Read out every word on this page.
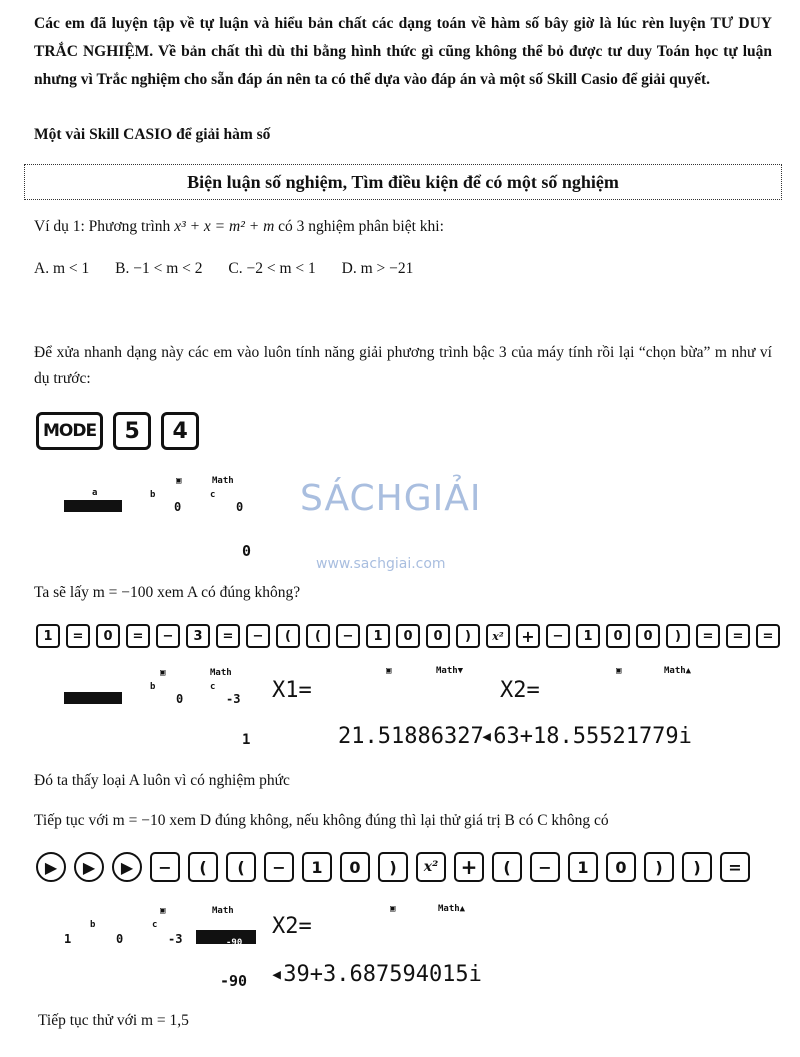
Các em đã luyện tập về tự luận và hiểu bản chất các dạng toán về hàm số bây giờ là lúc rèn luyện TƯ DUY TRẮC NGHIỆM. Về bản chất thì dù thi bằng hình thức gì cũng không thể bỏ được tư duy Toán học tự luận nhưng vì Trắc nghiệm cho sẵn đáp án nên ta có thể dựa vào đáp án và một số Skill Casio để giải quyết.
Một vài Skill CASIO để giải hàm số
Biện luận số nghiệm, Tìm điều kiện để có một số nghiệm
Ví dụ 1: Phương trình x³ + x = m² + m có 3 nghiệm phân biệt khi:
A. m < 1 B. −1 < m < 2 C. −2 < m < 1 D. m > −21
Để xửa nhanh dạng này các em vào luôn tính năng giải phương trình bậc 3 của máy tính rồi lại “chọn bừa” m như ví dụ trước:
MODE	5	4
▣	Math
a	b
0
c
0
0
SÁCHGIẢI
www.sachgiai.com
Ta sẽ lấy m = −100 xem A có đúng không?
1	=	0	=	−	3	=	−	(	(	−	1	0	0	)	x²	+	−	1	0	0	)	=	=	=
▣	Math
b
0
c
-3
1
X1=
▣	Math▼
21.51886327
X2=
▣	Math▲
◂63+18.55521779i
Đó ta thấy loại A luôn vì có nghiệm phức
Tiếp tục với m = −10 xem D đúng không, nếu không đúng thì lại thử giá trị B có C không có
▶	▶	▶	−	(	(	−	1	0	)	x²	+	(	−	1	0	)	)	=
1
b
0
▣	Math
c
-3	-90
X2=
▣	Math▲
-90 ◂39+3.687594015i
Tiếp tục thử với m = 1,5
